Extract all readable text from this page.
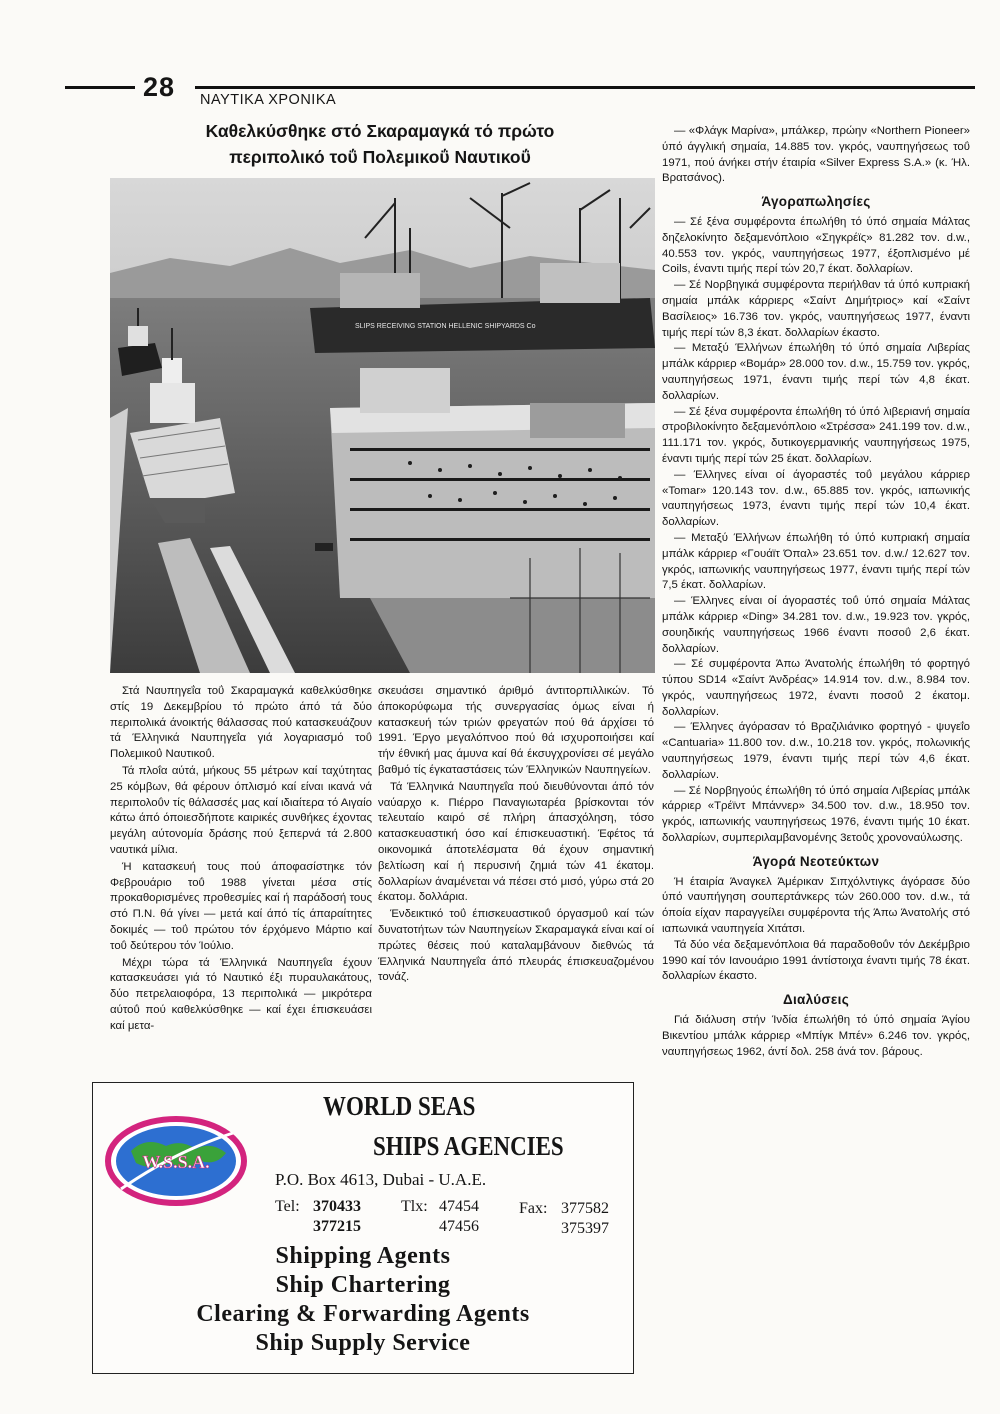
28 ΝΑΥΤΙΚΑ ΧΡΟΝΙΚΑ
Καθελκύσθηκε στό Σκαραμαγκά τό πρώτο
περιπολικό τοΰ Πολεμικοΰ Ναυτικοΰ
SLIPS RECEIVING STATION HELLENIC SHIPYARDS Co

Στά Ναυπηγεΐα τοΰ Σκαραμαγκά καθελκύσθηκε στίς 19 Δεκεμβρίου τό πρώτο άπό τά δύο περιπολικά άνοικτής θάλασσας πού κατασκευάζουν τά Έλληνικά Ναυπηγεΐα γιά λογαριασμό τοΰ Πολεμικοΰ Ναυτικοΰ.

Τά πλοΐα αύτά, μήκους 55 μέτρων καί ταχύτητας 25 κόμβων, θά φέρουν όπλισμό καί είναι ικανά νά περιπολοΰν τίς θάλασσές μας καί ιδιαίτερα τό Αιγαίο κάτω άπό όποιεσδήποτε καιρικές συνθήκες έχοντας μεγάλη αύτονομία δράσης πού ξεπερνά τά 2.800 ναυτικά μίλια.

Ή κατασκευή τους πού άποφασίστηκε τόν Φεβρουάριο τοΰ 1988 γίνεται μέσα στίς προκαθορισμένες προθεσμίες καί ή παράδοσή τους στό Π.Ν. θά γίνει — μετά καί άπό τίς άπαραίτητες δοκιμές — τοΰ πρώτου τόν έρχόμενο Μάρτιο καί τοΰ δεύτερου τόν Ίούλιο.

Μέχρι τώρα τά Έλληνικά Ναυπηγεΐα έχουν κατασκευάσει γιά τό Ναυτικό έξι πυραυλακάτους, δύο πετρελαιοφόρα, 13 περιπολικά — μικρότερα αύτοΰ πού καθελκύσθηκε — καί έχει έπισκευάσει καί μετα-

σκευάσει σημαντικό άριθμό άντιτορπιλλικών. Τό άποκορύφωμα τής συνεργασίας όμως είναι ή κατασκευή τών τριών φρεγατών πού θά άρχίσει τό 1991. Έργο μεγαλόπνοο πού θά ισχυροποιήσει καί τήν έθνική μας άμυνα καί θά έκσυγχρονίσει σέ μεγάλο βαθμό τίς έγκαταστάσεις τών Έλληνικών Ναυπηγείων.

Τά Έλληνικά Ναυπηγεΐα πού διευθύνονται άπό τόν ναύαρχο κ. Πιέρρο Παναγιωταρέα βρίσκονται τόν τελευταίο καιρό σέ πλήρη άπασχόληση, τόσο κατασκευαστική όσο καί έπισκευαστική. Έφέτος τά οικονομικά άποτελέσματα θά έχουν σημαντική βελτίωση καί ή περυσινή ζημιά τών 41 έκατομ. δολλαρίων άναμένεται νά πέσει στό μισό, γύρω στά 20 έκατομ. δολλάρια.

Ένδεικτικό τοΰ έπισκευαστικοΰ όργασμοΰ καί τών δυνατοτήτων τών Ναυπηγείων Σκαραμαγκά είναι καί οί πρώτες θέσεις πού καταλαμβάνουν διεθνώς τά Έλληνικά Ναυπηγεΐα άπό πλευράς έπισκευαζομένου τονάζ.

— «Φλάγκ Μαρίνα», μπάλκερ, πρώην «Northern Pioneer» ύπό άγγλική σημαία, 14.885 τον. γκρός, ναυπηγήσεως τοΰ 1971, πού άνήκει στήν έταιρία «Silver Express S.A.» (κ. Ήλ. Βρατσάνος).

Άγοραπωλησίες

— Σέ ξένα συμφέροντα έπωλήθη τό ύπό σημαία Μάλτας δηζελοκίνητο δεξαμενόπλοιο «Σηγκρέϊς» 81.282 τον. d.w., 40.553 τον. γκρός, ναυπηγήσεως 1977, έξοπλισμένο μέ Coils, έναντι τιμής περί τών 20,7 έκατ. δολλαρίων.

— Σέ Νορβηγικά συμφέροντα περιήλθαν τά ύπό κυπριακή σημαία μπάλκ κάρριερς «Σαίντ Δημήτριος» καί «Σαίντ Βασίλειος» 16.736 τον. γκρός, ναυπηγήσεως 1977, έναντι τιμής περί τών 8,3 έκατ. δολλαρίων έκαστο.

— Μεταξύ Έλλήνων έπωλήθη τό ύπό σημαία Λιβερίας μπάλκ κάρριερ «Βομάρ» 28.000 τον. d.w., 15.759 τον. γκρός, ναυπηγήσεως 1971, έναντι τιμής περί τών 4,8 έκατ. δολλαρίων.

— Σέ ξένα συμφέροντα έπωλήθη τό ύπό λιβεριανή σημαία στροβιλοκίνητο δεξαμενόπλοιο «Στρέσσα» 241.199 τον. d.w., 111.171 τον. γκρός, δυτικογερμανικής ναυπηγήσεως 1975, έναντι τιμής περί τών 25 έκατ. δολλαρίων.

— Έλληνες είναι οί άγοραστές τοΰ μεγάλου κάρριερ «Tomar» 120.143 τον. d.w., 65.885 τον. γκρός, ιαπωνικής ναυπηγήσεως 1973, έναντι τιμής περί τών 10,4 έκατ. δολλαρίων.

— Μεταξύ Έλλήνων έπωλήθη τό ύπό κυπριακή σημαία μπάλκ κάρριερ «Γουάϊτ Όπαλ» 23.651 τον. d.w./ 12.627 τον. γκρός, ιαπωνικής ναυπηγήσεως 1977, έναντι τιμής περί τών 7,5 έκατ. δολλαρίων.

— Έλληνες είναι οί άγοραστές τοΰ ύπό σημαία Μάλτας μπάλκ κάρριερ «Ding» 34.281 τον. d.w., 19.923 τον. γκρός, σουηδικής ναυπηγήσεως 1966 έναντι ποσοΰ 2,6 έκατ. δολλαρίων.

— Σέ συμφέροντα Άπω Άνατολής έπωλήθη τό φορτηγό τύπου SD14 «Σαίντ Άνδρέας» 14.914 τον. d.w., 8.984 τον. γκρός, ναυπηγήσεως 1972, έναντι ποσοΰ 2 έκατομ. δολλαρίων.

— Έλληνες άγόρασαν τό Βραζιλιάνικο φορτηγό - ψυγεΐο «Cantuaria» 11.800 τον. d.w., 10.218 τον. γκρός, πολωνικής ναυπηγήσεως 1979, έναντι τιμής περί τών 4,6 έκατ. δολλαρίων.

— Σέ Νορβηγούς έπωλήθη τό ύπό σημαία Λιβερίας μπάλκ κάρριερ «Τρέϊντ Μπάννερ» 34.500 τον. d.w., 18.950 τον. γκρός, ιαπωνικής ναυπηγήσεως 1976, έναντι τιμής 10 έκατ. δολλαρίων, συμπεριλαμβανομένης 3ετοΰς χρονοναύλωσης.

Άγορά Νεοτεύκτων

Ή έταιρία Άναγκελ Άμέρικαν Σιπχόλντιγκς άγόρασε δύο ύπό ναυπήγηση σουπερτάνκερς τών 260.000 τον. d.w., τά όποία είχαν παραγγείλει συμφέροντα τής Άπω Άνατολής στό ιαπωνικά ναυπηγεία Χιτάτσι.

Τά δύο νέα δεξαμενόπλοια θά παραδοθοΰν τόν Δεκέμβριο 1990 καί τόν Ιανουάριο 1991 άντίστοιχα έναντι τιμής 78 έκατ. δολλαρίων έκαστο.

Διαλύσεις

Γιά διάλυση στήν Ίνδία έπωλήθη τό ύπό σημαία Άγίου Βικεντίου μπάλκ κάρριερ «Μπίγκ Μπέν» 6.246 τον. γκρός, ναυπηγήσεως 1962, άντί δολ. 258 άνά τον. βάρους.

W.S.S.A.
WORLD SEAS
SHIPS AGENCIES
P.O. Box 4613, Dubai - U.A.E.
Tel: 370433
377215
Tlx: 47454
47456
Fax: 377582
375397
Shipping Agents
Ship Chartering
Clearing & Forwarding Agents
Ship Supply Service
